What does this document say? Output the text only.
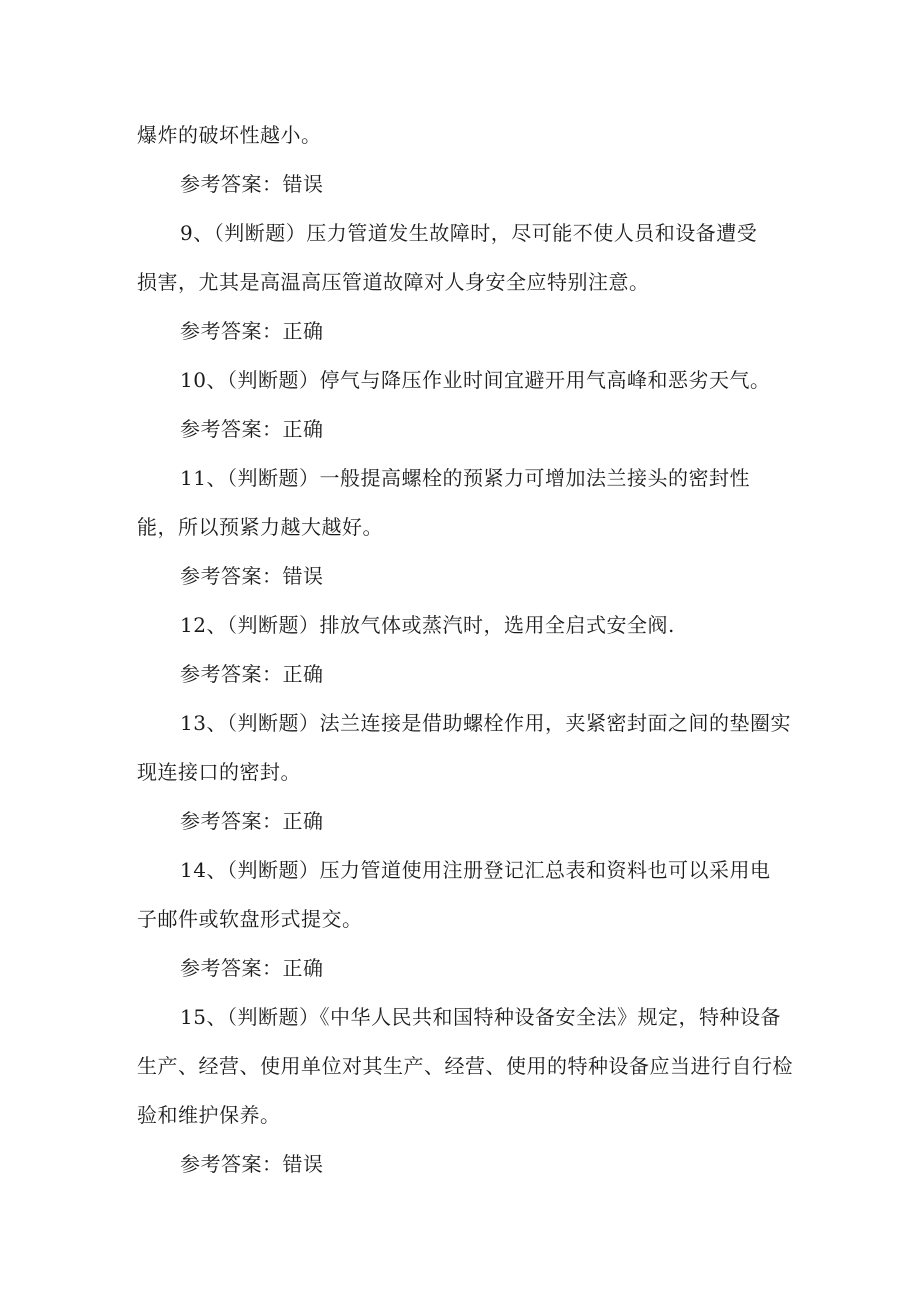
爆炸的破坏性越小。
参考答案：错误
9、（判断题）压力管道发生故障时，尽可能不使人员和设备遭受
损害，尤其是高温高压管道故障对人身安全应特别注意。
参考答案：正确
10、（判断题）停气与降压作业时间宜避开用气高峰和恶劣天气。
参考答案：正确
11、（判断题）一般提高螺栓的预紧力可增加法兰接头的密封性
能，所以预紧力越大越好。
参考答案：错误
12、（判断题）排放气体或蒸汽时，选用全启式安全阀.
参考答案：正确
13、（判断题）法兰连接是借助螺栓作用，夹紧密封面之间的垫圈实
现连接口的密封。
参考答案：正确
14、（判断题）压力管道使用注册登记汇总表和资料也可以采用电
子邮件或软盘形式提交。
参考答案：正确
15、（判断题）《中华人民共和国特种设备安全法》规定，特种设备
生产、经营、使用单位对其生产、经营、使用的特种设备应当进行自行检
验和维护保养。
参考答案：错误
